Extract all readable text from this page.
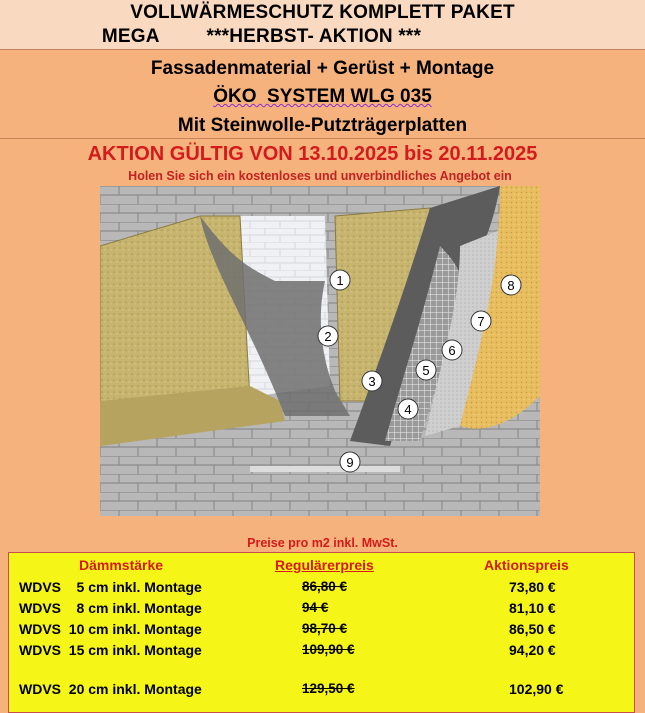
VOLLWÄRMESCHUTZ KOMPLETT PAKET
MEGA ***HERBST- AKTION ***
Fassadenmaterial + Gerüst + Montage
ÖKO  SYSTEM WLG 035
Mit Steinwolle-Putzträgerplatten
AKTION GÜLTIG VON 13.10.2025 bis 20.11.2025
Holen Sie sich ein kostenloses und unverbindliches Angebot ein
1
2
3
4
5
6
7
8
9
Preise pro m2 inkl. MwSt.
Dämmstärke	Regulärerpreis	Aktionspreis
WDVS    5 cm inkl. Montage	86,80 €	73,80 €
WDVS    8 cm inkl. Montage	94 €	81,10 €
WDVS  10 cm inkl. Montage	98,70 €	86,50 €
WDVS  15 cm inkl. Montage	109,90 €	94,20 €
WDVS  20 cm inkl. Montage	129,50 €	102,90 €
